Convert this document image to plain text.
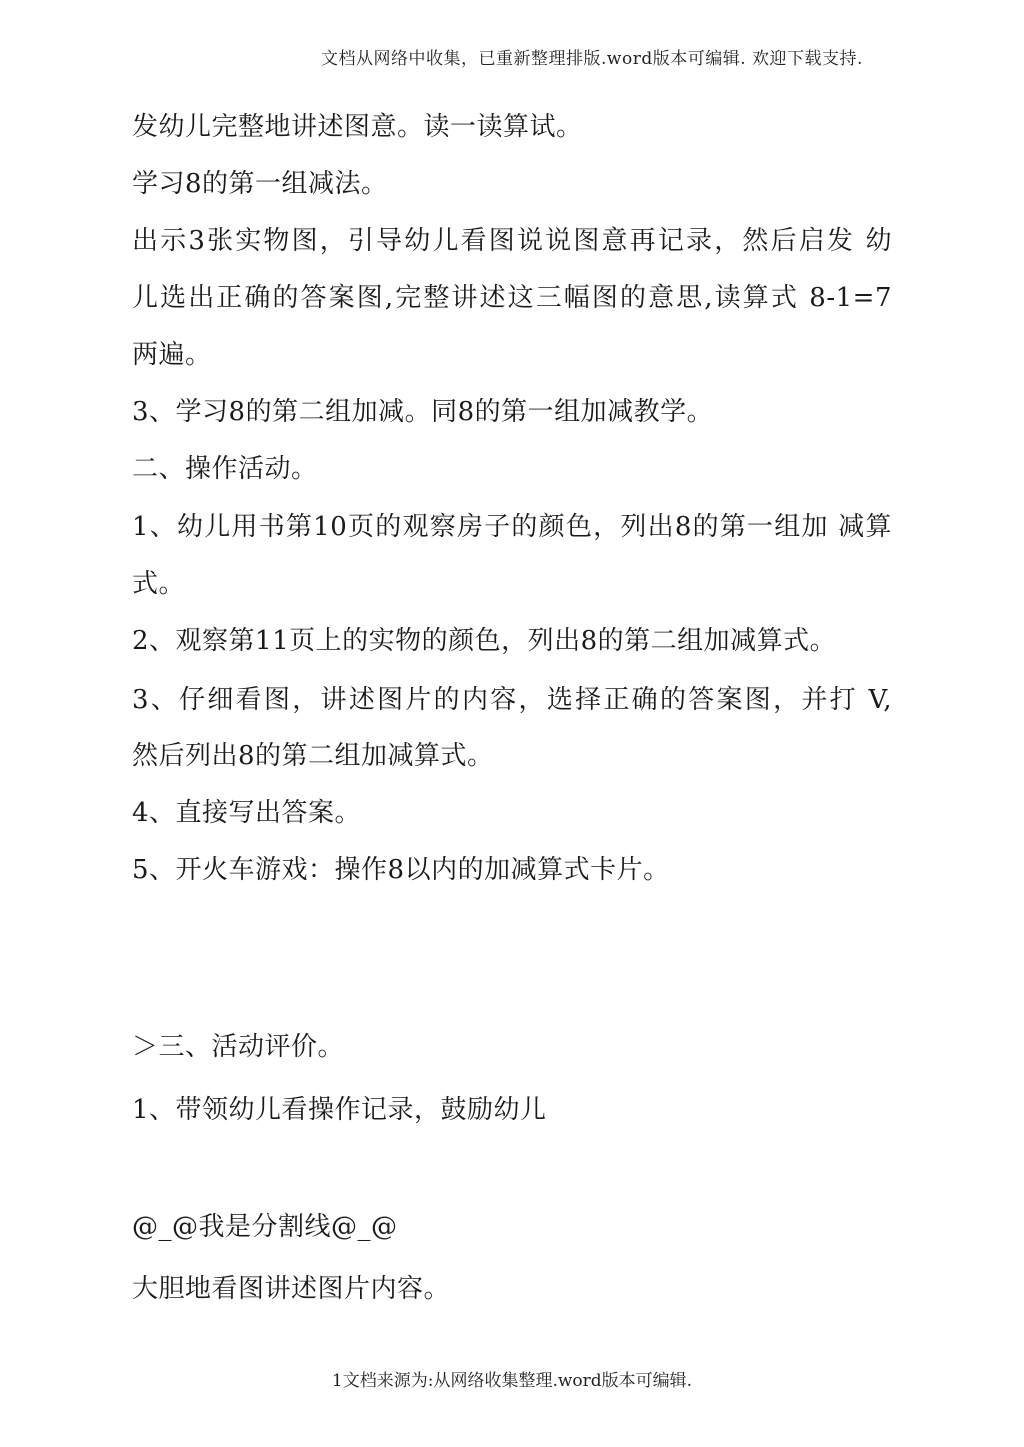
文档从网络中收集，已重新整理排版.word版本可编辑. 欢迎下载支持.
发幼儿完整地讲述图意。读一读算试。
学习8的第一组减法。
出示3张实物图，引导幼儿看图说说图意再记录，然后启发 幼
儿选出正确的答案图,完整讲述这三幅图的意思,读算式 8-1=7
两遍。
3、学习8的第二组加减。同8的第一组加减教学。
二、操作活动。
1、幼儿用书第10页的观察房子的颜色，列出8的第一组加 减算
式。
2、观察第11页上的实物的颜色，列出8的第二组加减算式。
3、仔细看图，讲述图片的内容，选择正确的答案图，并打 V,
然后列出8的第二组加减算式。
4、直接写出答案。
5、开火车游戏：操作8以内的加减算式卡片。
＞三、活动评价。
1、带领幼儿看操作记录，鼓励幼儿
@_@我是分割线@_@
大胆地看图讲述图片内容。
1文档来源为:从网络收集整理.word版本可编辑.
